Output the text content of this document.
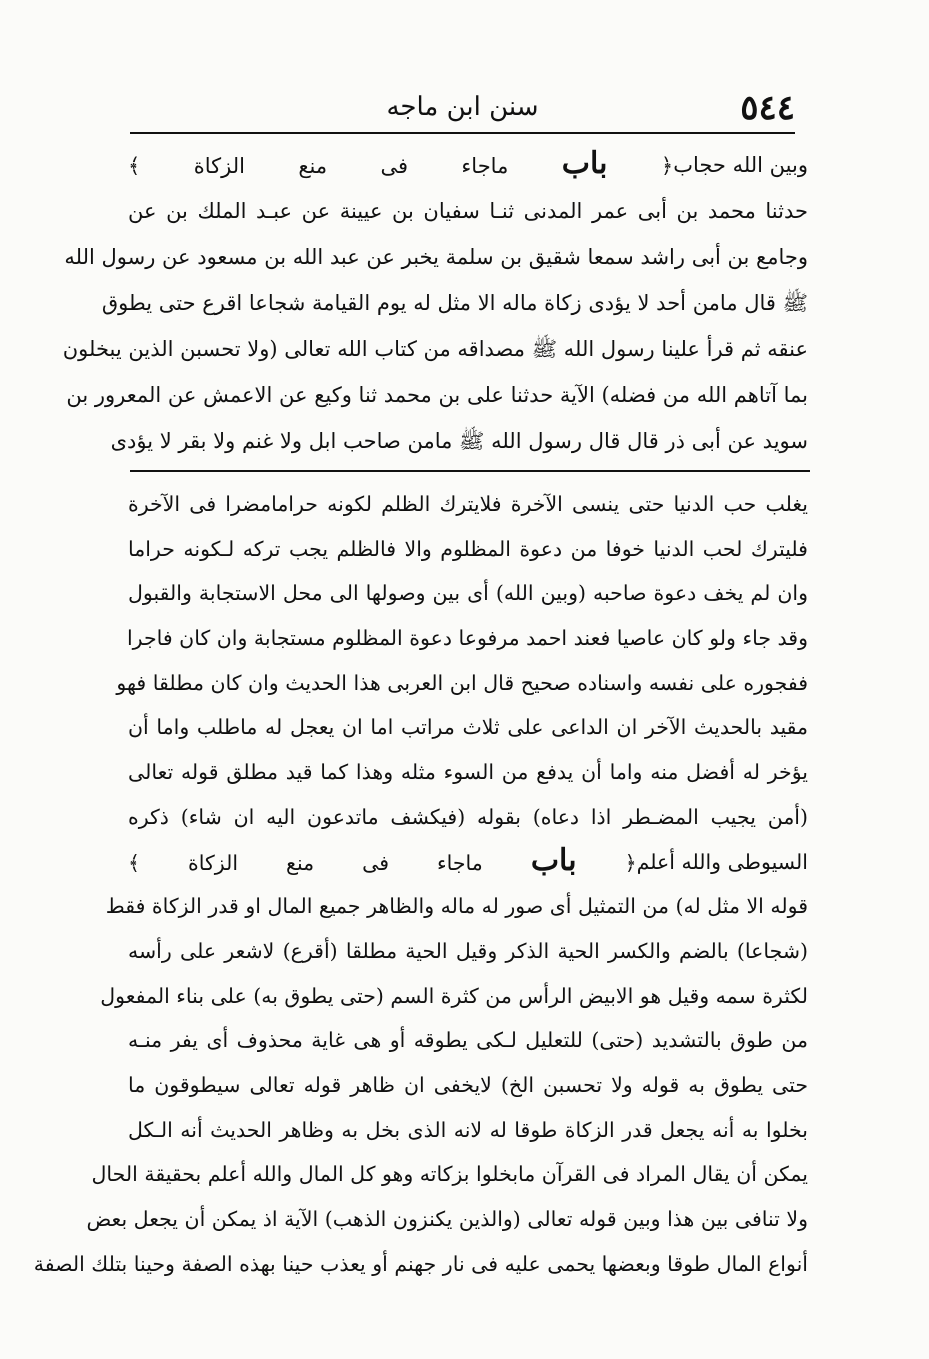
٥٤٤
سنن ابن ماجه
وبين الله حجاب
﴿ باب ماجاء فى منع الزكاة ﴾
حدثنا محمد بن أبى عمر المدنى ثنـا سفيان بن عيينة عن عبـد الملك بن عن
وجامع بن أبى راشد سمعا شقيق بن سلمة يخبر عن عبد الله بن مسعود عن رسول الله
ﷺ قال مامن أحد لا يؤدى زكاة ماله الا مثل له يوم القيامة شجاعا اقرع حتى يطوق
عنقه ثم قرأ علينا رسول الله ﷺ مصداقه من كتاب الله تعالى (ولا تحسبن الذين يبخلون
بما آتاهم الله من فضله) الآية حدثنا على بن محمد ثنا وكيع عن الاعمش عن المعرور بن
سويد عن أبى ذر قال قال رسول الله ﷺ مامن صاحب ابل ولا غنم ولا بقر لا يؤدى
يغلب حب الدنيا حتى ينسى الآخرة فلايترك الظلم لكونه حرامامضرا فى الآخرة
فليترك لحب الدنيا خوفا من دعوة المظلوم والا فالظلم يجب تركه لـكونه حراما
وان لم يخف دعوة صاحبه (وبين الله) أى بين وصولها الى محل الاستجابة والقبول
وقد جاء ولو كان عاصيا فعند احمد مرفوعا دعوة المظلوم مستجابة وان كان فاجرا
ففجوره على نفسه واسناده صحيح قال ابن العربى هذا الحديث وان كان مطلقا فهو
مقيد بالحديث الآخر ان الداعى على ثلاث مراتب اما ان يعجل له ماطلب واما أن
يؤخر له أفضل منه واما أن يدفع من السوء مثله وهذا كما قيد مطلق قوله تعالى
(أمن يجيب المضـطر اذا دعاه) بقوله (فيكشف ماتدعون اليه ان شاء) ذكره
السيوطى والله أعلم
﴿ باب ماجاء فى منع الزكاة ﴾
قوله الا مثل له) من التمثيل أى صور له ماله والظاهر جميع المال او قدر الزكاة فقط
(شجاعا) بالضم والكسر الحية الذكر وقيل الحية مطلقا (أقرع) لاشعر على رأسه
لكثرة سمه وقيل هو الابيض الرأس من كثرة السم (حتى يطوق به) على بناء المفعول
من طوق بالتشديد (حتى) للتعليل لـكى يطوقه أو هى غاية محذوف أى يفر منـه
حتى يطوق به قوله ولا تحسبن الخ) لايخفى ان ظاهر قوله تعالى سيطوقون ما
بخلوا به أنه يجعل قدر الزكاة طوقا له لانه الذى بخل به وظاهر الحديث أنه الـكل
يمكن أن يقال المراد فى القرآن مابخلوا بزكاته وهو كل المال والله أعلم بحقيقة الحال
ولا تنافى بين هذا وبين قوله تعالى (والذين يكنزون الذهب) الآية اذ يمكن أن يجعل بعض
أنواع المال طوقا وبعضها يحمى عليه فى نار جهنم أو يعذب حينا بهذه الصفة وحينا بتلك الصفة
